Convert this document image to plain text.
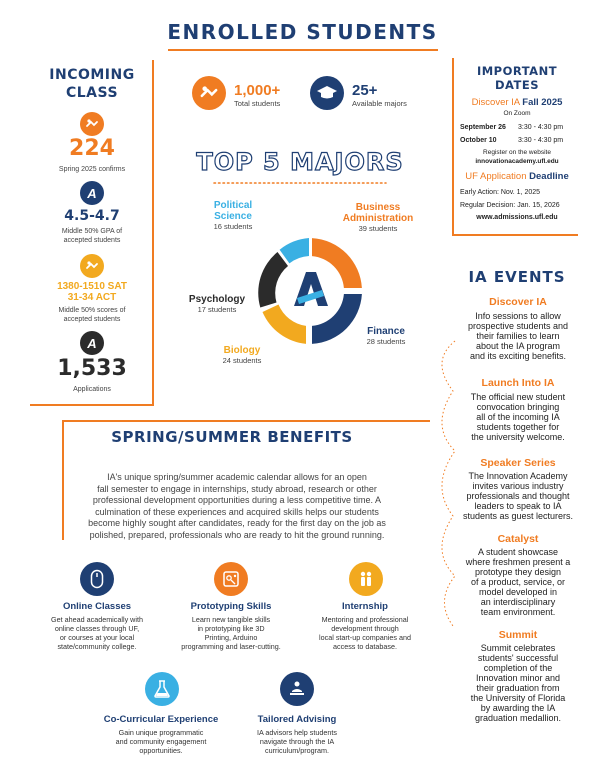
ENROLLED STUDENTS
INCOMING
CLASS
224
Spring 2025 confirms
A
4.5-4.7
Middle 50% GPA of
accepted students
1380-1510 SAT
31-34 ACT
Middle 50% scores of
accepted students
A
1,533
Applications
1,000+
Total students
25+
Available majors
TOP 5 MAJORS
Political
Science
16 students
Business
Administration
39 students
Finance
28 students
Biology
24 students
Psychology
17 students
IMPORTANT
DATES
Discover IA Fall 2025
On Zoom
September 26 3:30 - 4:30 pm
October 10	3:30 - 4:30 pm
Register on the website
innovationacademy.ufl.edu
UF Application Deadline
Early Action: Nov. 1, 2025
Regular Decision: Jan. 15, 2026
www.admissions.ufl.edu
IA EVENTS
Discover IA
Info sessions to allow
prospective students and
their families to learn
about the IA program
and its exciting benefits.
Launch Into IA
The official new student
convocation bringing
all of the incoming IA
students together for
the university welcome.
Speaker Series
The Innovation Academy
invites various industry
professionals and thought
leaders to speak to IA
students as guest lecturers.
Catalyst
A student showcase
where freshmen present a
prototype they design
of a product, service, or
model developed in
an interdisciplinary
team environment.
Summit
Summit celebrates
students' successful
completion of the
Innovation minor and
their graduation from
the University of Florida
by awarding the IA
graduation medallion.
SPRING/SUMMER BENEFITS
IA's unique spring/summer academic calendar allows for an open
fall semester to engage in internships, study abroad, research or other
professional development opportunities during a less competitive time. A
culmination of these experiences and acquired skills helps our students
become highly sought after candidates, ready for the first day on the job as
polished, prepared, professionals who are ready to hit the ground running.
Online Classes
Get ahead academically with
online classes through UF,
or courses at your local
state/community college.
Prototyping Skills
Learn new tangible skills
in prototyping like 3D
Printing, Arduino
programming and laser-cutting.
Internship
Mentoring and professional
development through
local start-up companies and
access to database.
Co-Curricular Experience
Gain unique programmatic
and community engagement
opportunities.
Tailored Advising
IA advisors help students
navigate through the IA
curriculum/program.
